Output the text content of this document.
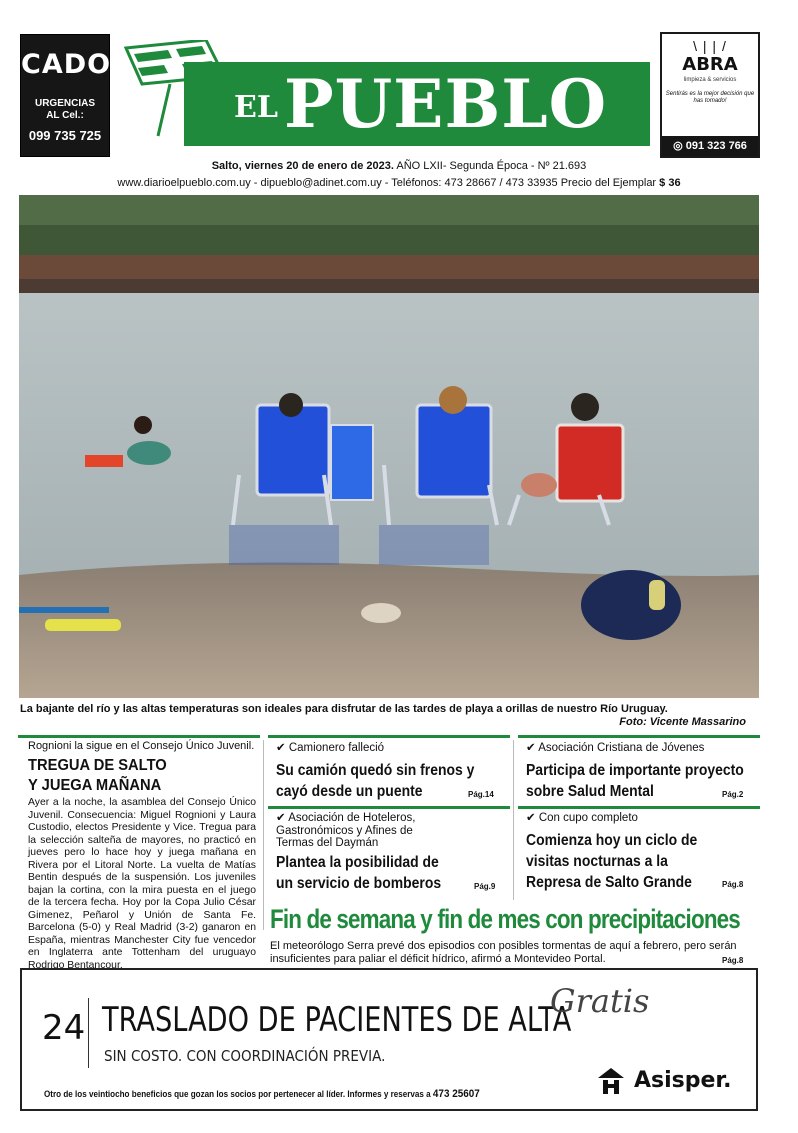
CADO
URGENCIAS
AL Cel.:
099 735 725
EL PUEBLO
\ | | /
ABRA
limpieza & servicios
Sentirás es la mejor decisión que has tomado!
◎ 091 323 766
Salto, viernes 20 de enero de 2023. AÑO LXII- Segunda Época - Nº 21.693
www.diarioelpueblo.com.uy - dipueblo@adinet.com.uy - Teléfonos: 473 28667 / 473 33935 Precio del Ejemplar $ 36
La bajante del río y las altas temperaturas son ideales para disfrutar de las tardes de playa a orillas de nuestro Río Uruguay.
Foto: Vicente Massarino
Rognioni la sigue en el Consejo Único Juvenil.
TREGUA DE SALTO
Y JUEGA MAÑANA
Ayer a la noche, la asamblea del Consejo Único Juvenil. Consecuencia: Miguel Rognioni y Laura Custodio, electos Presidente y Vice. Tregua para la selección salteña de mayores, no practicó en jueves pero lo hace hoy y juega mañana en Rivera por el Litoral Norte. La vuelta de Matías Bentin después de la suspensión. Los juveniles bajan la cortina, con la mira puesta en el juego de la tercera fecha. Hoy por la Copa Julio César Gimenez, Peñarol y Unión de Santa Fe. Barcelona (5-0) y Real Madrid (3-2) ganaron en España, mientras Manchester City fue vencedor en Inglaterra ante Tottenham del uruguayo Rodrigo Bentancour.
✔ Camionero falleció
Su camión quedó sin frenos y cayó desde un puente	Pág.14
✔ Asociación Cristiana de Jóvenes
Participa de importante proyecto sobre Salud Mental	Pág.2
✔ Asociación de Hoteleros, Gastronómicos y Afines de Termas del Daymán
Plantea la posibilidad de un servicio de bomberos	Pág.9
✔ Con cupo completo
Comienza hoy un ciclo de visitas nocturnas a la Represa de Salto Grande	Pág.8
Fin de semana y fin de mes con precipitaciones
El meteorólogo Serra prevé dos episodios con posibles tormentas de aquí a febrero, pero serán insuficientes para paliar el déficit hídrico, afirmó a Montevideo Portal.	Pág.8
24 TRASLADO DE PACIENTES DE ALTA
SIN COSTO. CON COORDINACIÓN PREVIA.
Gratis
Otro de los veintiocho beneficios que gozan los socios por pertenecer al líder. Informes y reservas a 473 25607
Asisper.
